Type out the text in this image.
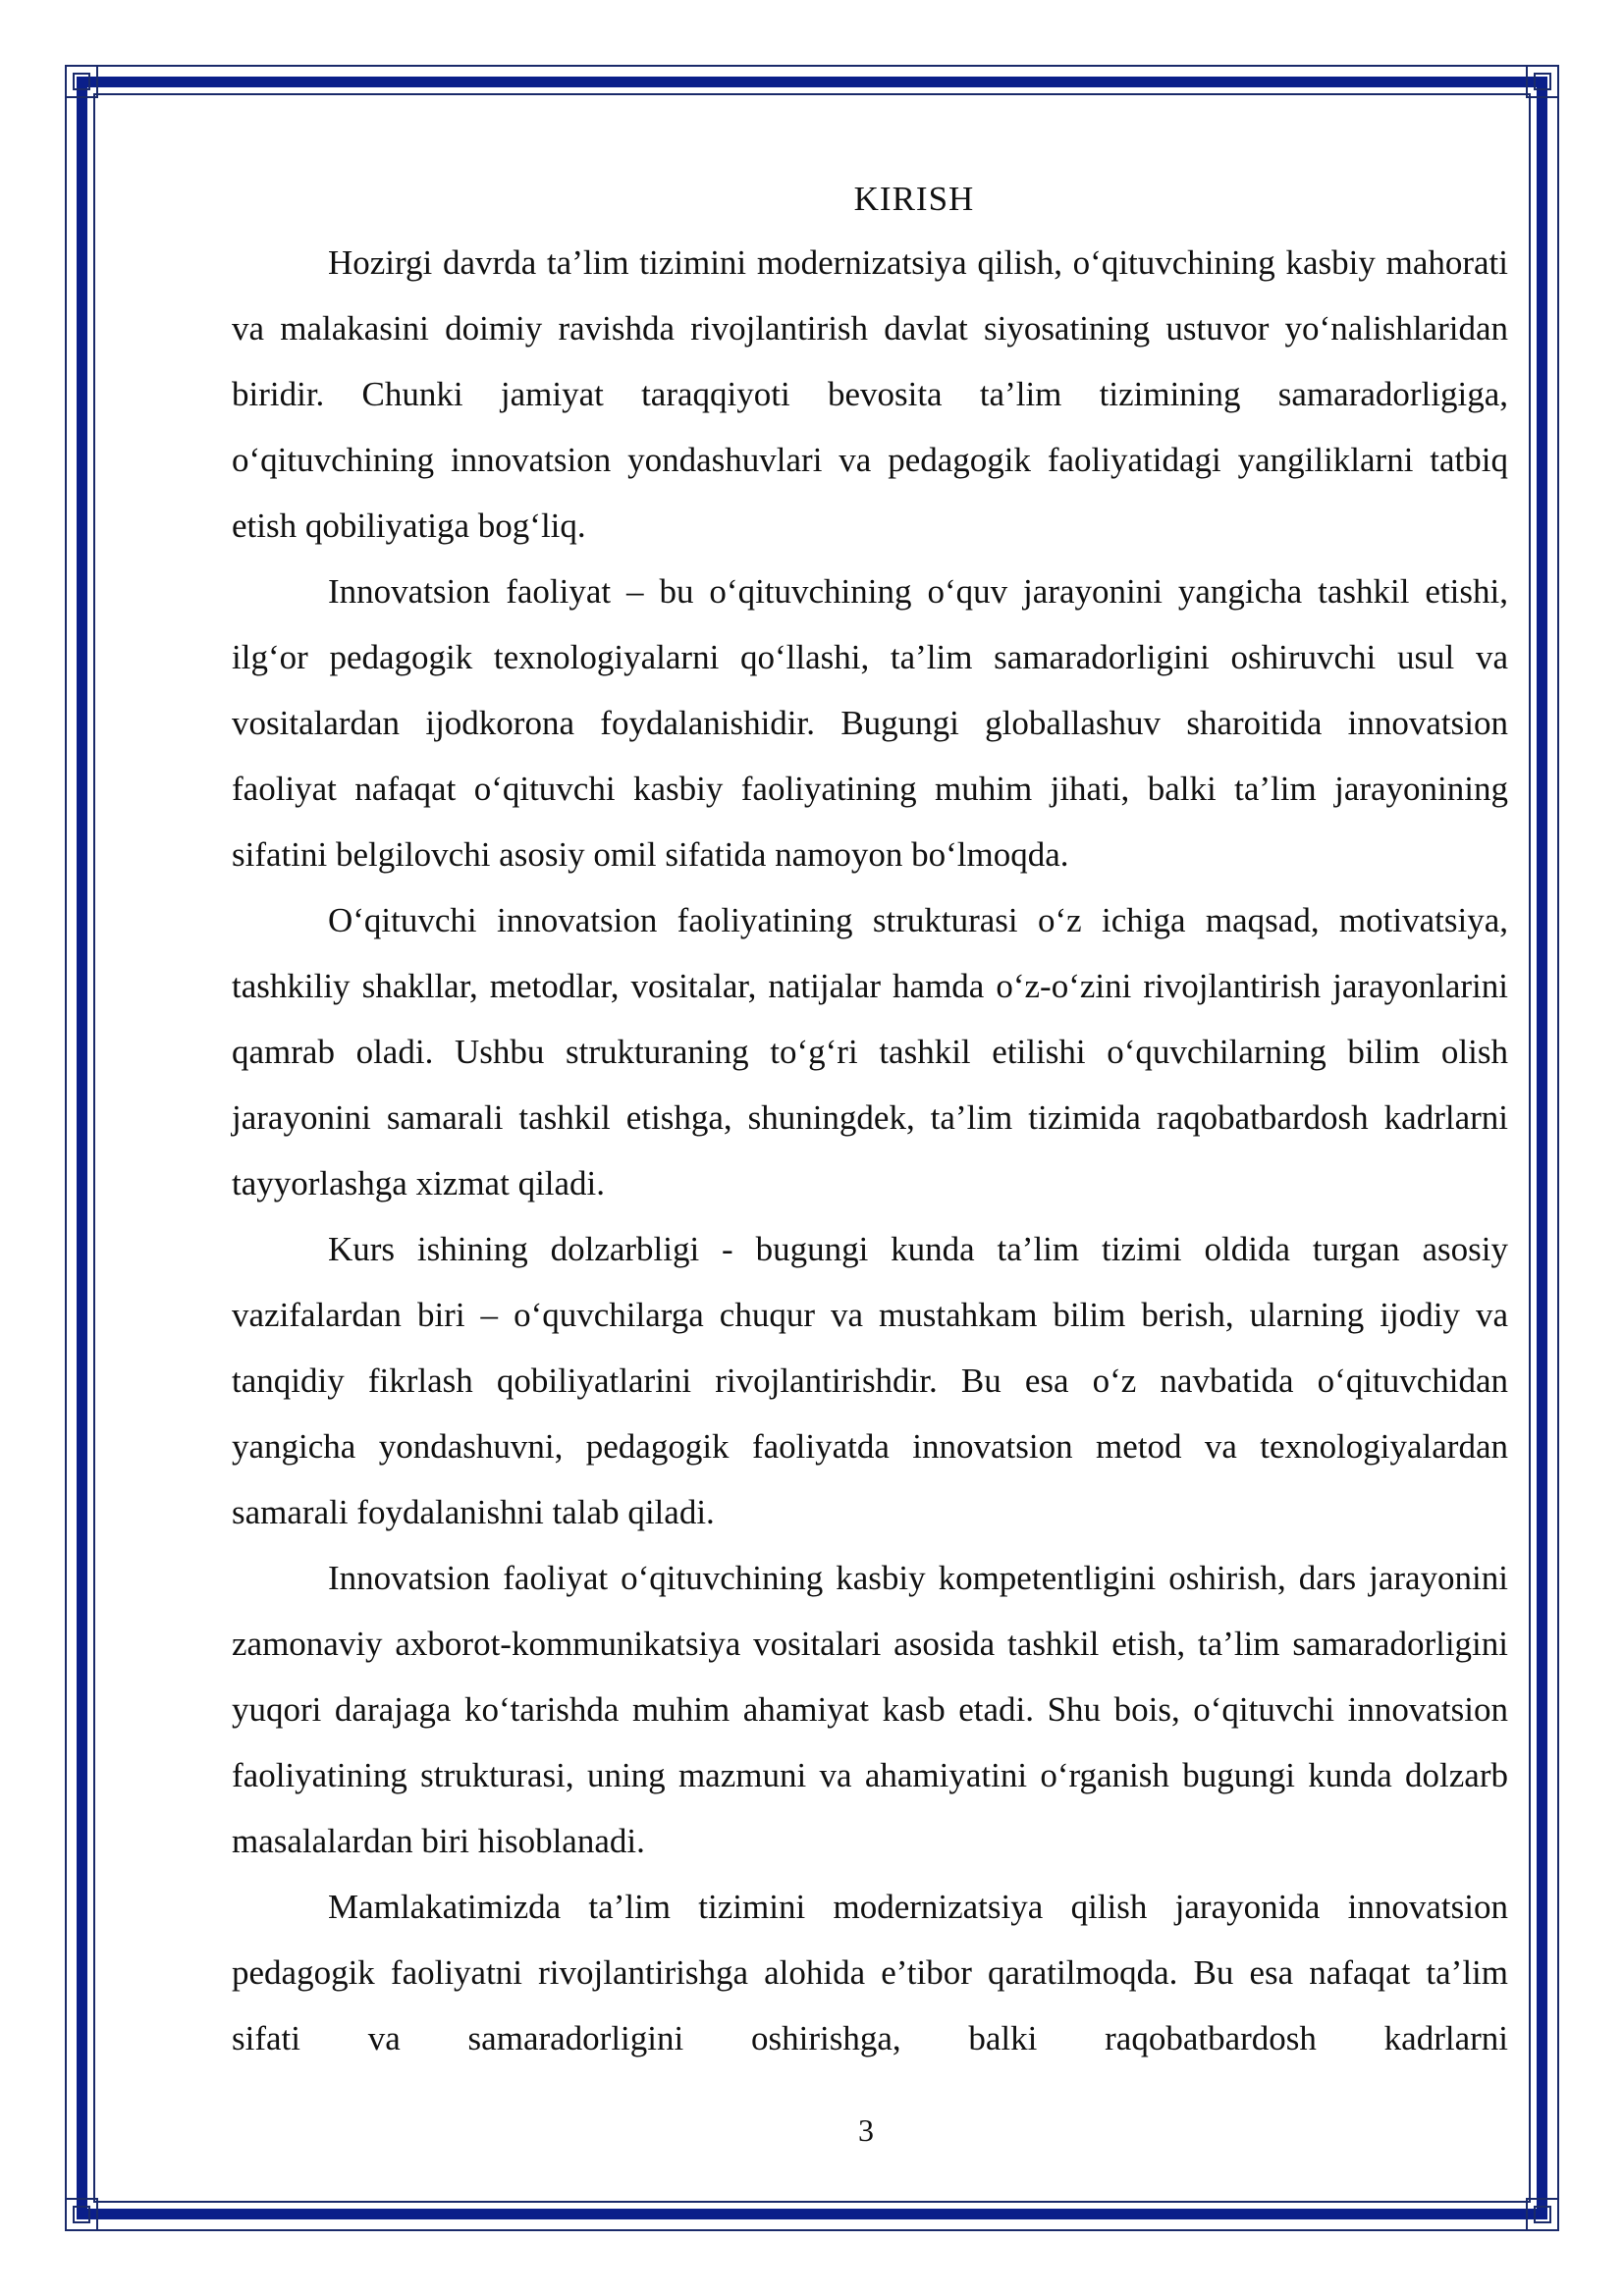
KIRISH

Hozirgi davrda ta’lim tizimini modernizatsiya qilish, o‘qituvchining kasbiy mahorati va malakasini doimiy ravishda rivojlantirish davlat siyosatining ustuvor yo‘nalishlaridan biridir. Chunki jamiyat taraqqiyoti bevosita ta’lim tizimining samaradorligiga, o‘qituvchining innovatsion yondashuvlari va pedagogik faoliyatidagi yangiliklarni tatbiq etish qobiliyatiga bog‘liq.

Innovatsion faoliyat – bu o‘qituvchining o‘quv jarayonini yangicha tashkil etishi, ilg‘or pedagogik texnologiyalarni qo‘llashi, ta’lim samaradorligini oshiruvchi usul va vositalardan ijodkorona foydalanishidir. Bugungi globallashuv sharoitida innovatsion faoliyat nafaqat o‘qituvchi kasbiy faoliyatining muhim jihati, balki ta’lim jarayonining sifatini belgilovchi asosiy omil sifatida namoyon bo‘lmoqda.

O‘qituvchi innovatsion faoliyatining strukturasi o‘z ichiga maqsad, motivatsiya, tashkiliy shakllar, metodlar, vositalar, natijalar hamda o‘z-o‘zini rivojlantirish jarayonlarini qamrab oladi. Ushbu strukturaning to‘g‘ri tashkil etilishi o‘quvchilarning bilim olish jarayonini samarali tashkil etishga, shuningdek, ta’lim tizimida raqobatbardosh kadrlarni tayyorlashga xizmat qiladi.

Kurs ishining dolzarbligi - bugungi kunda ta’lim tizimi oldida turgan asosiy vazifalardan biri – o‘quvchilarga chuqur va mustahkam bilim berish, ularning ijodiy va tanqidiy fikrlash qobiliyatlarini rivojlantirishdir. Bu esa o‘z navbatida o‘qituvchidan yangicha yondashuvni, pedagogik faoliyatda innovatsion metod va texnologiyalardan samarali foydalanishni talab qiladi.

Innovatsion faoliyat o‘qituvchining kasbiy kompetentligini oshirish, dars jarayonini zamonaviy axborot-kommunikatsiya vositalari asosida tashkil etish, ta’lim samaradorligini yuqori darajaga ko‘tarishda muhim ahamiyat kasb etadi. Shu bois, o‘qituvchi innovatsion faoliyatining strukturasi, uning mazmuni va ahamiyatini o‘rganish bugungi kunda dolzarb masalalardan biri hisoblanadi.

Mamlakatimizda ta’lim tizimini modernizatsiya qilish jarayonida innovatsion pedagogik faoliyatni rivojlantirishga alohida e’tibor qaratilmoqda. Bu esa nafaqat ta’lim sifati va samaradorligini oshirishga, balki raqobatbardosh kadrlarni

3
